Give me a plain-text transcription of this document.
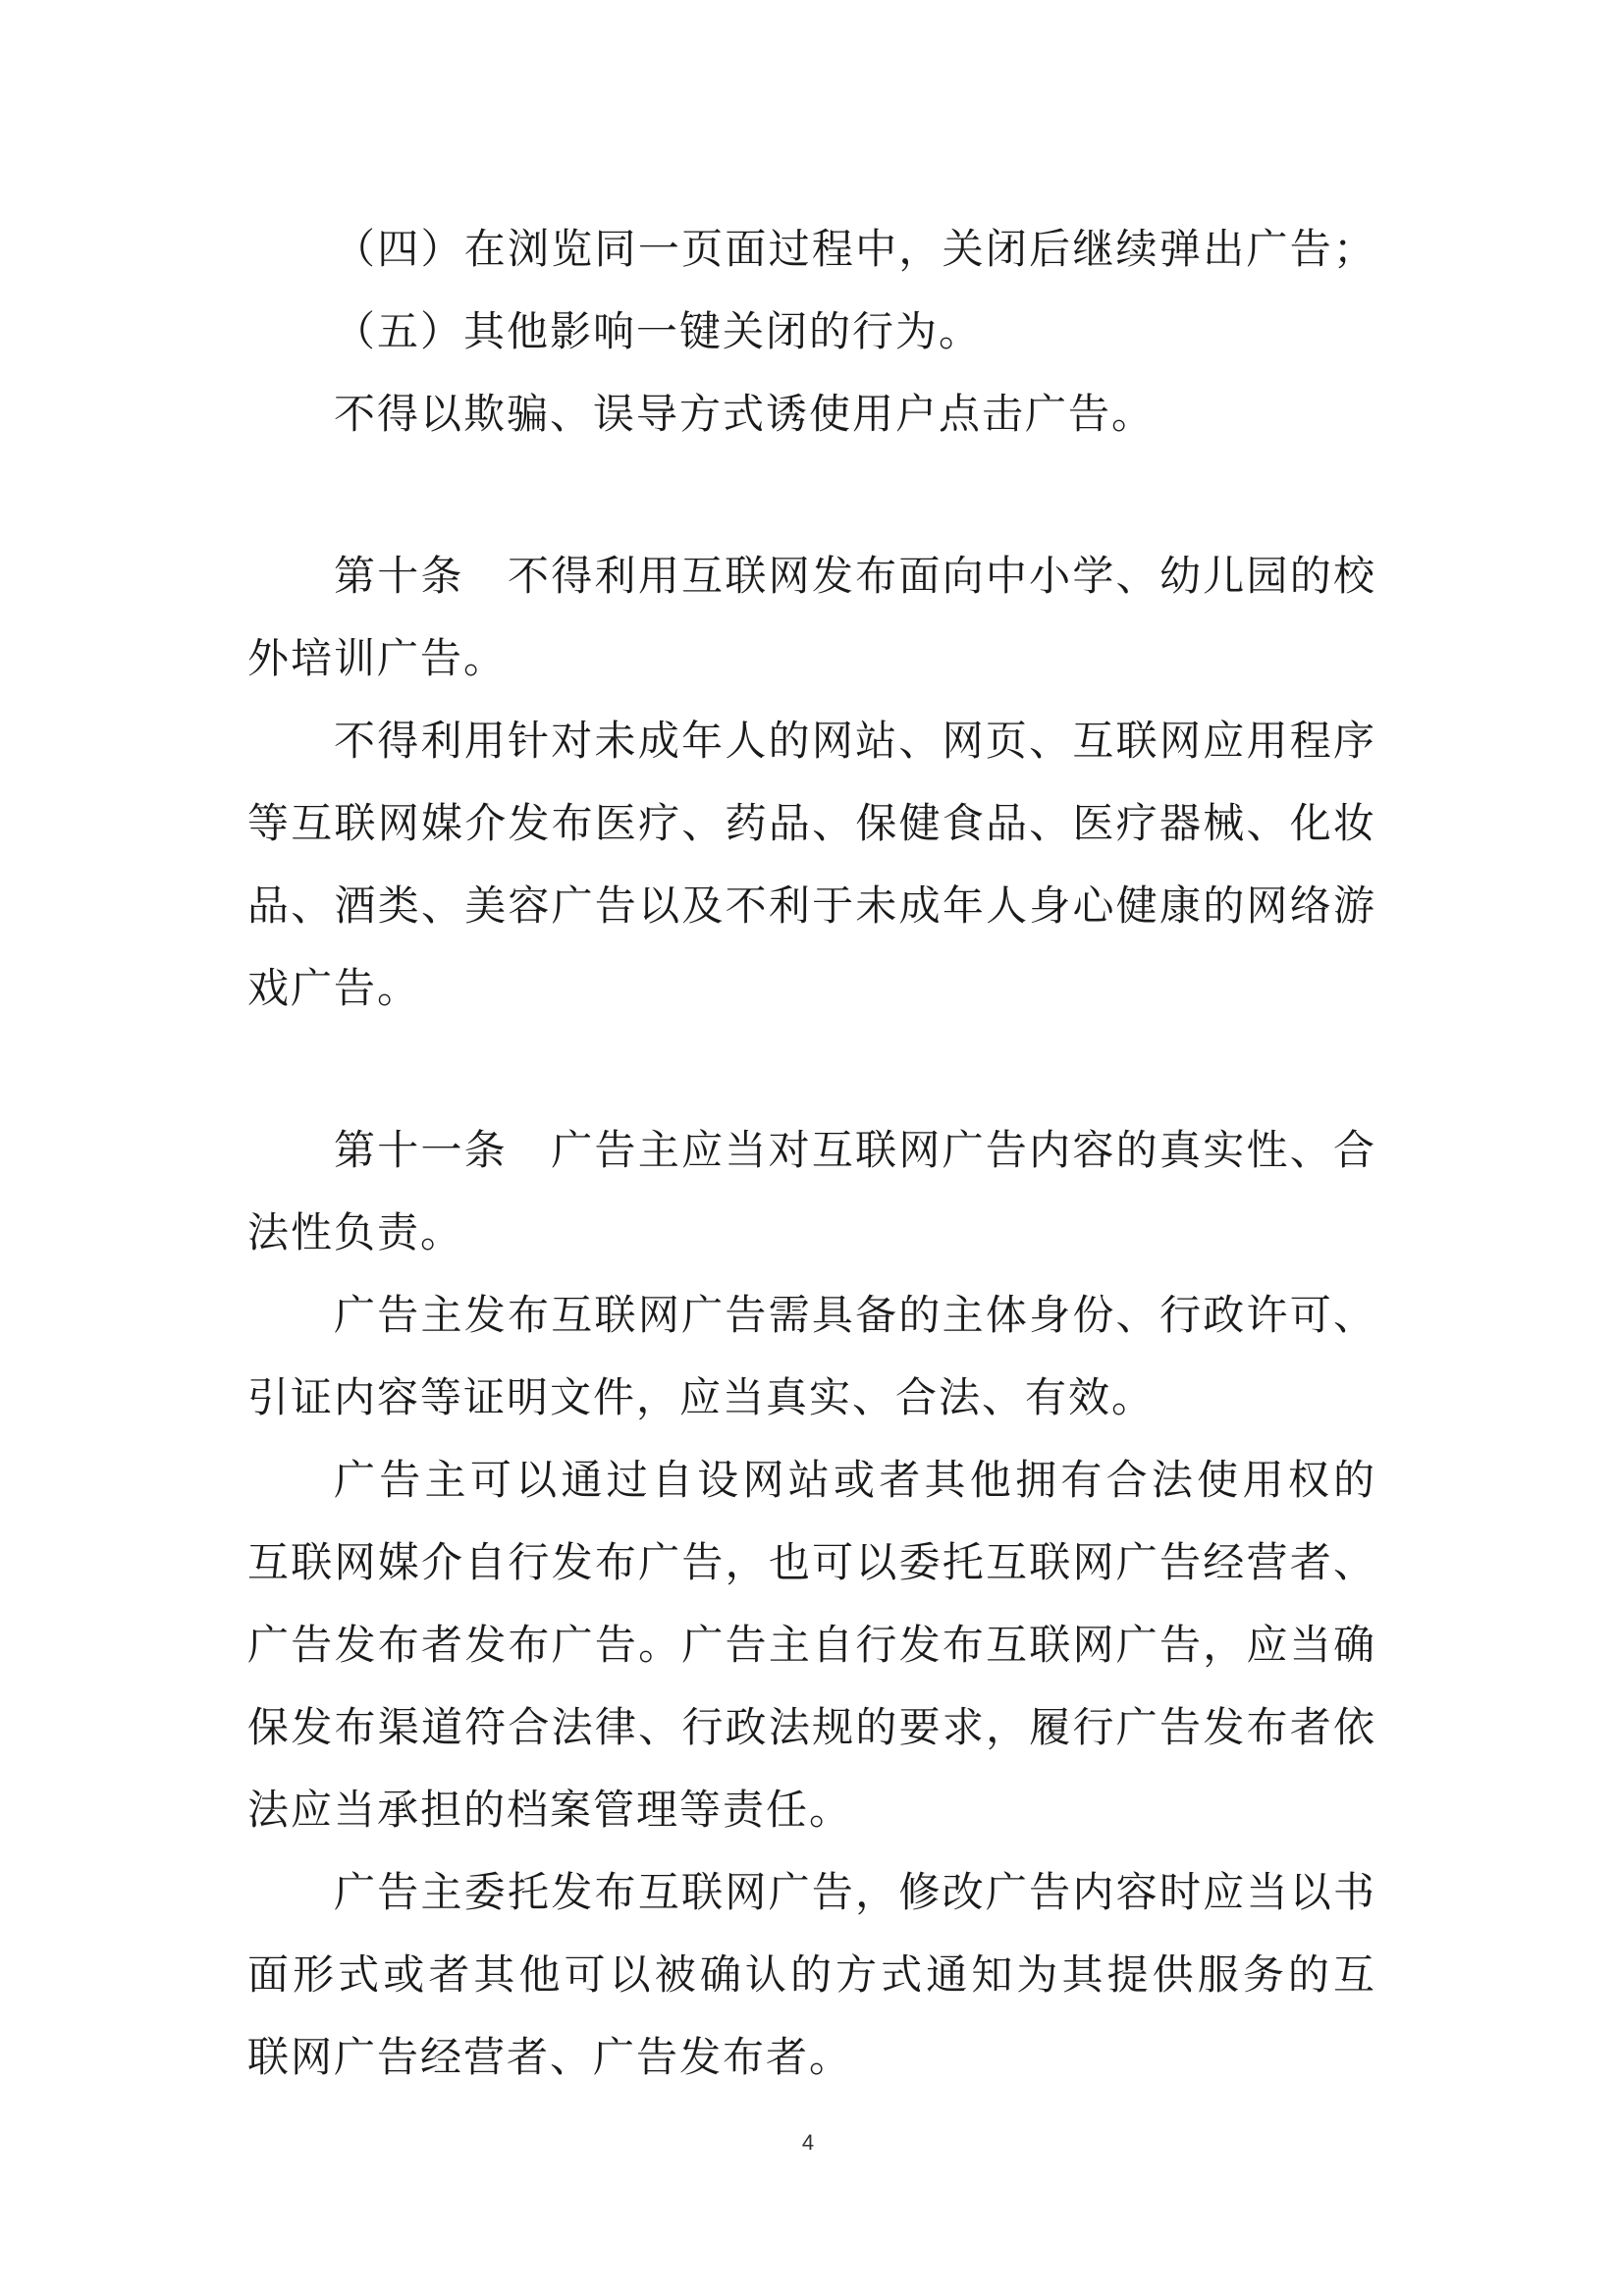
（四）在浏览同一页面过程中，关闭后继续弹出广告；
（五）其他影响一键关闭的行为。
不得以欺骗、误导方式诱使用户点击广告。
第十条　不得利用互联网发布面向中小学、幼儿园的校
外培训广告。
不得利用针对未成年人的网站、网页、互联网应用程序
等互联网媒介发布医疗、药品、保健食品、医疗器械、化妆
品、酒类、美容广告以及不利于未成年人身心健康的网络游
戏广告。
第十一条　广告主应当对互联网广告内容的真实性、合
法性负责。
广告主发布互联网广告需具备的主体身份、行政许可、
引证内容等证明文件，应当真实、合法、有效。
广告主可以通过自设网站或者其他拥有合法使用权的
互联网媒介自行发布广告，也可以委托互联网广告经营者、
广告发布者发布广告。广告主自行发布互联网广告，应当确
保发布渠道符合法律、行政法规的要求，履行广告发布者依
法应当承担的档案管理等责任。
广告主委托发布互联网广告，修改广告内容时应当以书
面形式或者其他可以被确认的方式通知为其提供服务的互
联网广告经营者、广告发布者。
4
